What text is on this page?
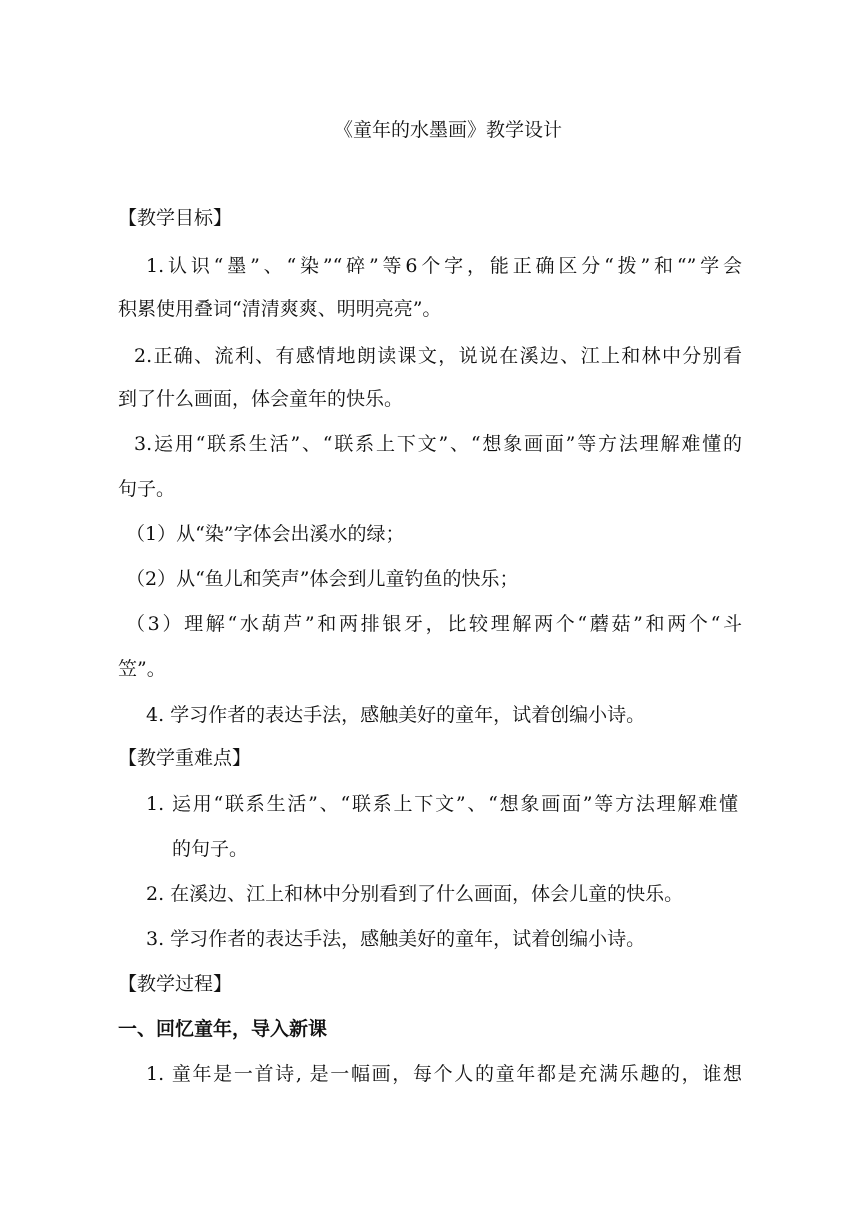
《童年的水墨画》教学设计
【教学目标】
1.认识“墨”、“染”“碎”等6个字，能正确区分“拨”和“”学会
积累使用叠词“清清爽爽、明明亮亮”。
2.正确、流利、有感情地朗读课文，说说在溪边、江上和林中分别看
到了什么画面，体会童年的快乐。
3.运用“联系生活”、“联系上下文”、“想象画面”等方法理解难懂的
句子。
（1）从“染”字体会出溪水的绿；
（2）从“鱼儿和笑声”体会到儿童钓鱼的快乐；
（3）理解“水葫芦”和两排银牙，比较理解两个“蘑菇”和两个“斗
笠”。
4. 学习作者的表达手法，感触美好的童年，试着创编小诗。
【教学重难点】
1. 运用“联系生活”、“联系上下文”、“想象画面”等方法理解难懂
的句子。
2. 在溪边、江上和林中分别看到了什么画面，体会儿童的快乐。
3. 学习作者的表达手法，感触美好的童年，试着创编小诗。
【教学过程】
一、回忆童年，导入新课
1. 童年是一首诗, 是一幅画，每个人的童年都是充满乐趣的，谁想
